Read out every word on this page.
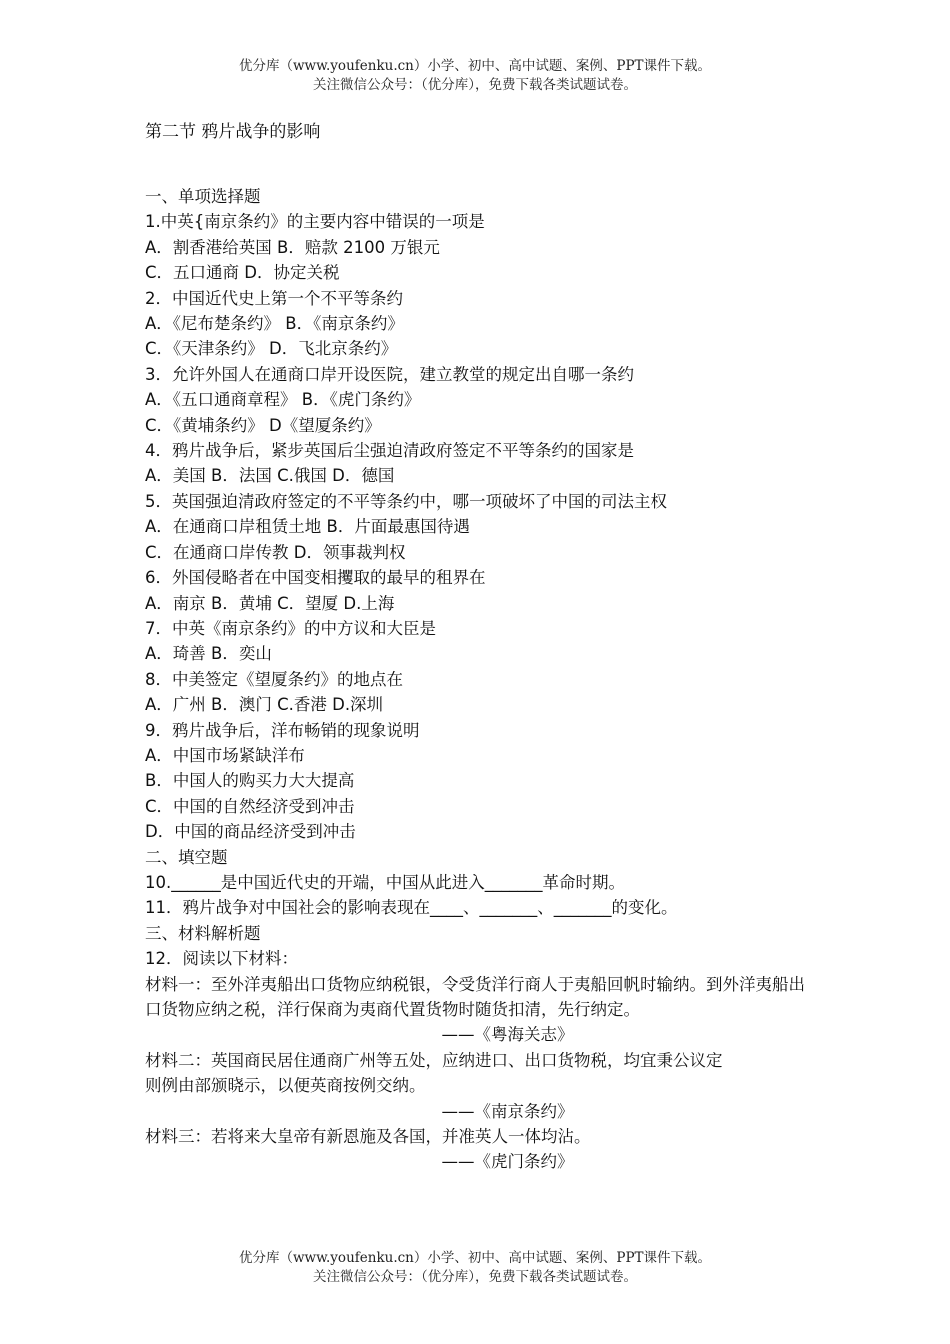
优分库（www.youfenku.cn）小学、初中、高中试题、案例、PPT课件下载。
关注微信公众号：（优分库），免费下载各类试题试卷。
第二节 鸦片战争的影响

一、单项选择题

1.中英{南京条约》的主要内容中错误的一项是

A．割香港给英国 B．赔款 2100 万银元

C．五口通商 D．协定关税

2．中国近代史上第一个不平等条约

A．《尼布楚条约》 B．《南京条约》

C．《天津条约》 D．飞北京条约》

3．允许外国人在通商口岸开设医院，建立教堂的规定出自哪一条约

A．《五口通商章程》 B．《虎门条约》

C．《黄埔条约》 D《望厦条约》

4．鸦片战争后，紧步英国后尘强迫清政府签定不平等条约的国家是

A．美国 B．法国 C.俄国 D．德国

5．英国强迫清政府签定的不平等条约中，哪一项破坏了中国的司法主权

A．在通商口岸租赁土地 B．片面最惠国待遇

C．在通商口岸传教 D．领事裁判权

6．外国侵略者在中国变相攫取的最早的租界在

A．南京 B．黄埔 C．望厦 D.上海

7．中英《南京条约》的中方议和大臣是

A．琦善 B．奕山

8．中美签定《望厦条约》的地点在

A．广州 B．澳门 C.香港 D.深圳

9．鸦片战争后，洋布畅销的现象说明

A．中国市场紧缺洋布

B．中国人的购买力大大提高

C．中国的自然经济受到冲击

D．中国的商品经济受到冲击

二、填空题

10.______是中国近代史的开端，中国从此进入_______革命时期。

11．鸦片战争对中国社会的影响表现在____、_______、_______的变化。

三、材料解析题

12．阅读以下材料：

材料一：至外洋夷船出口货物应纳税银，令受货洋行商人于夷船回帆时输纳。到外洋夷船出口货物应纳之税，洋行保商为夷商代置货物时随货扣清，先行纳定。

——《粤海关志》

材料二：英国商民居住通商广州等五处，应纳进口、出口货物税，均宜秉公议定

则例由部颁晓示，以便英商按例交纳。

——《南京条约》

材料三：若将来大皇帝有新恩施及各国，并准英人一体均沾。

——《虎门条约》

优分库（www.youfenku.cn）小学、初中、高中试题、案例、PPT课件下载。
关注微信公众号：（优分库），免费下载各类试题试卷。
